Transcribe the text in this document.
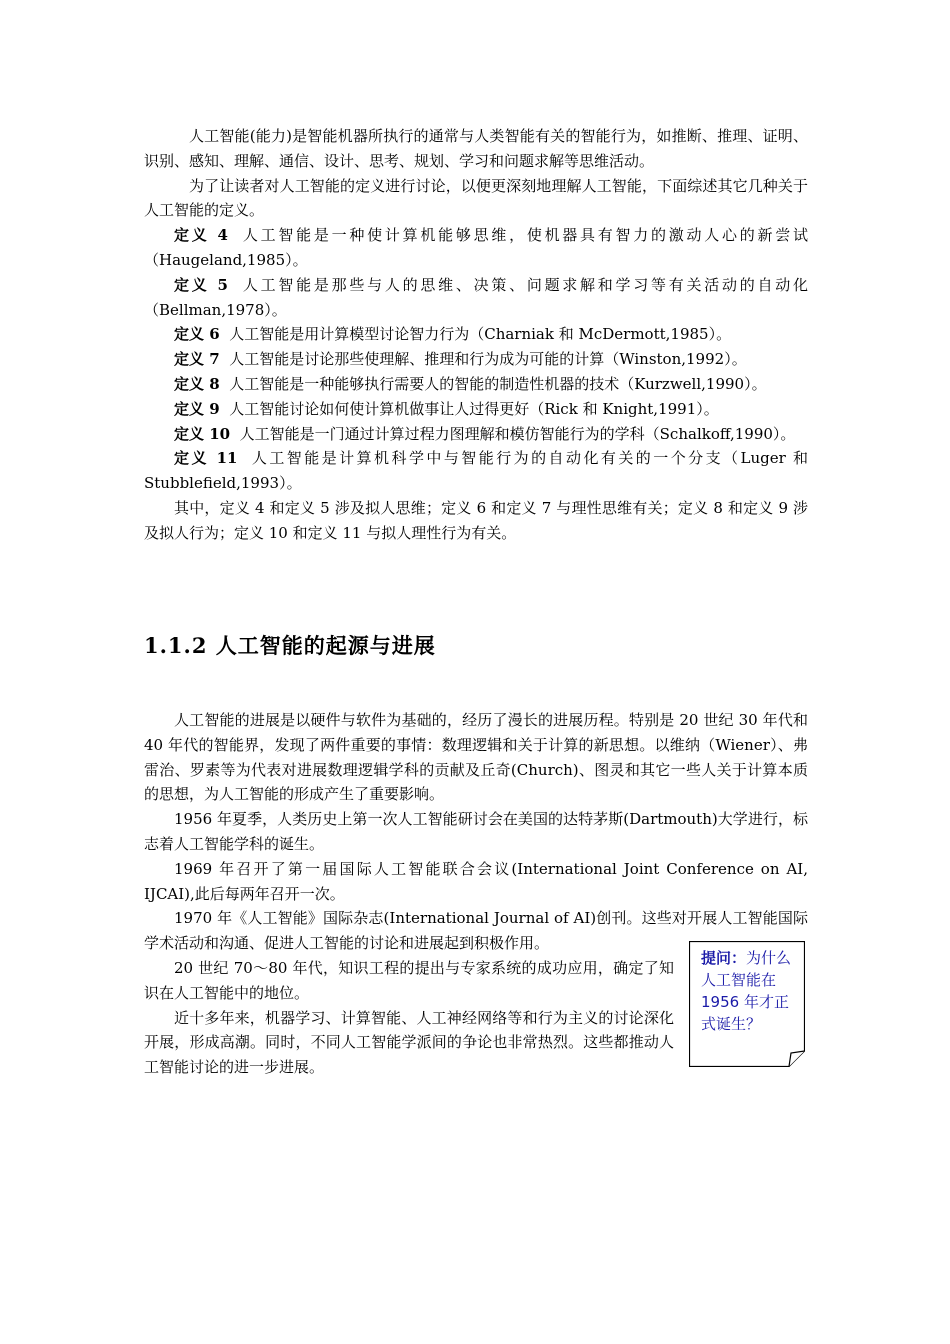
人工智能(能力)是智能机器所执行的通常与人类智能有关的智能行为，如推断、推理、证明、识别、感知、理解、通信、设计、思考、规划、学习和问题求解等思维活动。

为了让读者对人工智能的定义进行讨论，以便更深刻地理解人工智能，下面综述其它几种关于人工智能的定义。

定义 4 人工智能是一种使计算机能够思维，使机器具有智力的激动人心的新尝试（Haugeland,1985）。

定义 5 人工智能是那些与人的思维、决策、问题求解和学习等有关活动的自动化（Bellman,1978）。

定义 6 人工智能是用计算模型讨论智力行为（Charniak 和 McDermott,1985）。

定义 7 人工智能是讨论那些使理解、推理和行为成为可能的计算（Winston,1992）。

定义 8 人工智能是一种能够执行需要人的智能的制造性机器的技术（Kurzwell,1990）。

定义 9 人工智能讨论如何使计算机做事让人过得更好（Rick 和 Knight,1991）。

定义 10 人工智能是一门通过计算过程力图理解和模仿智能行为的学科（Schalkoff,1990）。

定义 11 人工智能是计算机科学中与智能行为的自动化有关的一个分支（Luger 和 Stubblefield,1993）。

其中，定义 4 和定义 5 涉及拟人思维；定义 6 和定义 7 与理性思维有关；定义 8 和定义 9 涉及拟人行为；定义 10 和定义 11 与拟人理性行为有关。

1.1.2 人工智能的起源与进展

人工智能的进展是以硬件与软件为基础的，经历了漫长的进展历程。特别是 20 世纪 30 年代和 40 年代的智能界，发现了两件重要的事情：数理逻辑和关于计算的新思想。以维纳（Wiener）、弗雷治、罗素等为代表对进展数理逻辑学科的贡献及丘奇(Church)、图灵和其它一些人关于计算本质的思想，为人工智能的形成产生了重要影响。

1956 年夏季，人类历史上第一次人工智能研讨会在美国的达特茅斯(Dartmouth)大学进行，标志着人工智能学科的诞生。

1969 年召开了第一届国际人工智能联合会议(International Joint Conference on AI, IJCAI),此后每两年召开一次。

1970 年《人工智能》国际杂志(International Journal of AI)创刊。这些对开展人工智能国际学术活动和沟通、促进人工智能的讨论和进展起到积极作用。

20 世纪 70～80 年代，知识工程的提出与专家系统的成功应用，确定了知识在人工智能中的地位。

近十多年来，机器学习、计算智能、人工神经网络等和行为主义的讨论深化开展，形成高潮。同时，不同人工智能学派间的争论也非常热烈。这些都推动人工智能讨论的进一步进展。

提问：为什么人工智能在 1956 年才正式诞生？
